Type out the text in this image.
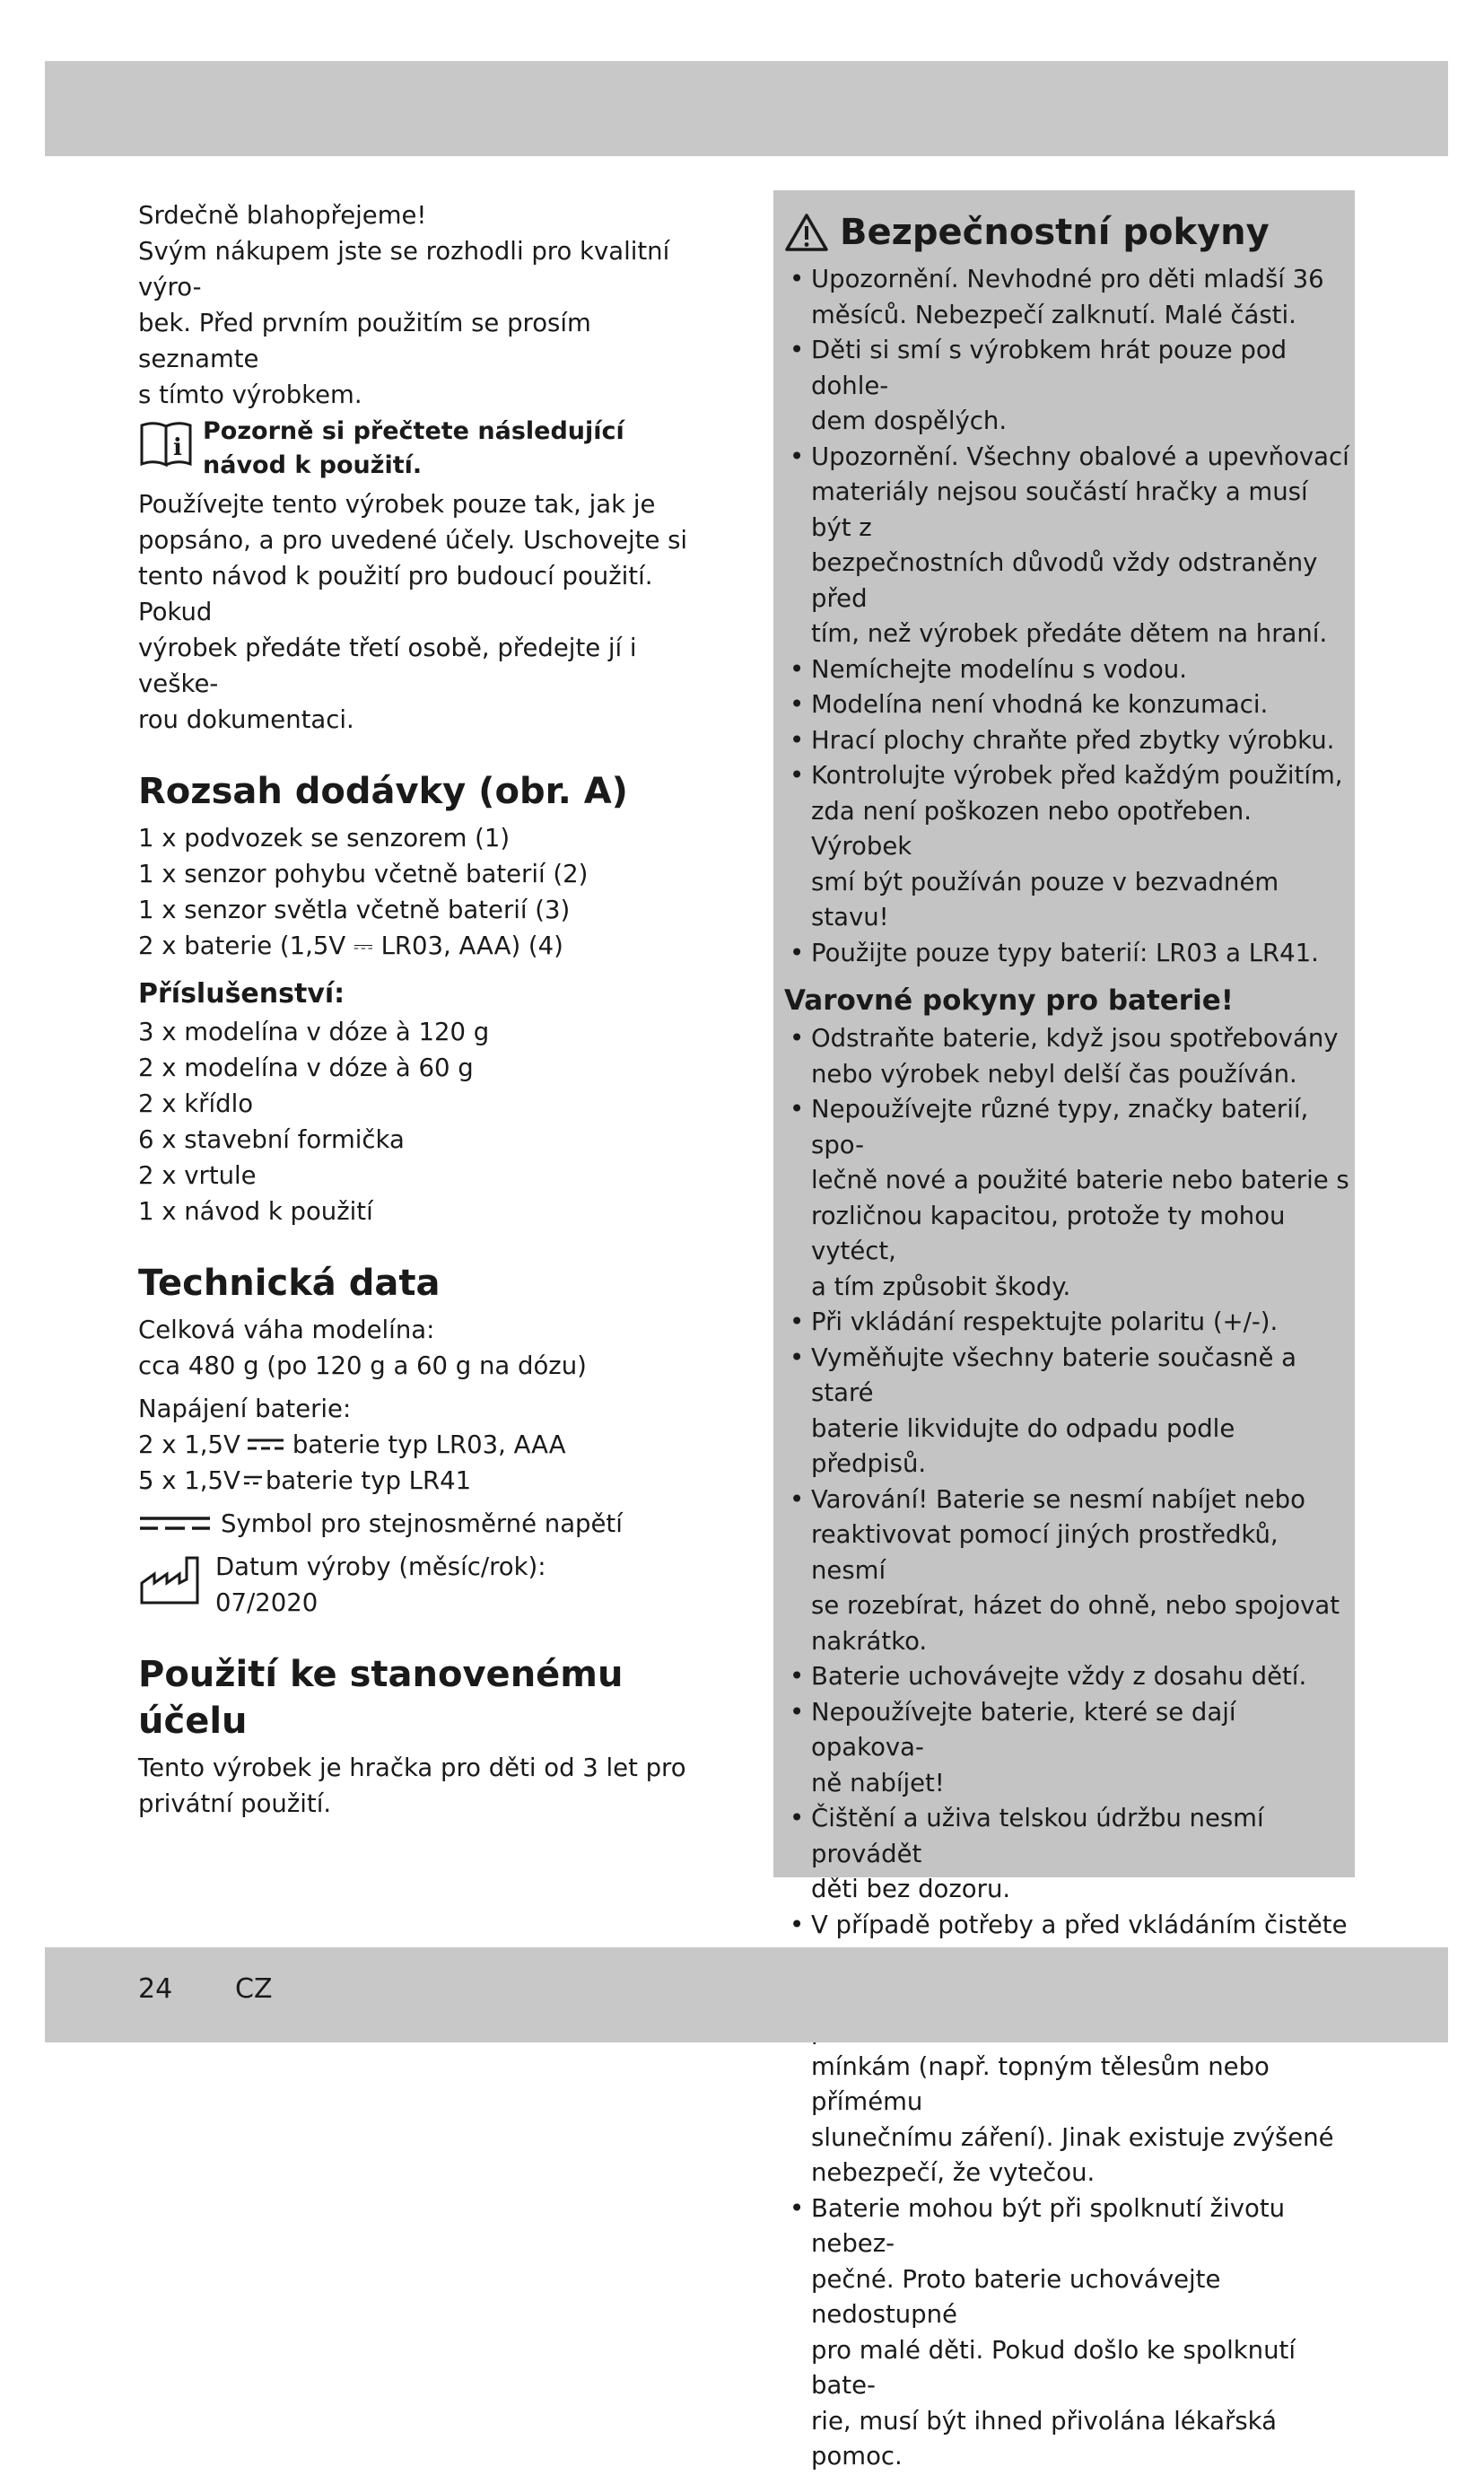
Srdečně blahopřejeme!

Svým nákupem jste se rozhodli pro kvalitní výro-

bek. Před prvním použitím se prosím seznamte

s tímto výrobkem.

i
Pozorně si přečtete následující
návod k použití.

Používejte tento výrobek pouze tak, jak je

popsáno, a pro uvedené účely. Uschovejte si

tento návod k použití pro budoucí použití. Pokud

výrobek předáte třetí osobě, předejte jí i veške-

rou dokumentaci.

Rozsah dodávky (obr. A)

1 x podvozek se senzorem (1)

1 x senzor pohybu včetně baterií (2)

1 x senzor světla včetně baterií (3)

2 x baterie (1,5V ⎓ LR03, AAA) (4)

Příslušenství:

3 x modelína v dóze à 120 g

2 x modelína v dóze à 60 g

2 x křídlo

6 x stavební formička

2 x vrtule

1 x návod k použití

Technická data

Celková váha modelína:

cca 480 g (po 120 g a 60 g na dózu)

Napájení baterie:

2 x 1,5V baterie typ LR03, AAA
5 x 1,5V baterie typ LR41
Symbol pro stejnosměrné napětí
Datum výroby (měsíc/rok):
07/2020
Použití ke stanovenému účelu

Tento výrobek je hračka pro děti od 3 let pro

privátní použití.

Bezpečnostní pokyny
• Upozornění. Nevhodné pro děti mladší 36
měsíců. Nebezpečí zalknutí. Malé části.
• Děti si smí s výrobkem hrát pouze pod dohle-
dem dospělých.
• Upozornění. Všechny obalové a upevňovací
materiály nejsou součástí hračky a musí být z
bezpečnostních důvodů vždy odstraněny před
tím, než výrobek předáte dětem na hraní.
• Nemíchejte modelínu s vodou.
• Modelína není vhodná ke konzumaci.
• Hrací plochy chraňte před zbytky výrobku.
• Kontrolujte výrobek před každým použitím,
zda není poškozen nebo opotřeben. Výrobek
smí být používán pouze v bezvadném stavu!
• Použijte pouze typy baterií: LR03 a LR41.
Varovné pokyny pro baterie!
• Odstraňte baterie, když jsou spotřebovány
nebo výrobek nebyl delší čas používán.
• Nepoužívejte různé typy, značky baterií, spo-
lečně nové a použité baterie nebo baterie s
rozličnou kapacitou, protože ty mohou vytéct,
a tím způsobit škody.
• Při vkládání respektujte polaritu (+/-).
• Vyměňujte všechny baterie současně a staré
baterie likvidujte do odpadu podle předpisů.
• Varování! Baterie se nesmí nabíjet nebo
reaktivovat pomocí jiných prostředků, nesmí
se rozebírat, házet do ohně, nebo spojovat
nakrátko.
• Baterie uchovávejte vždy z dosahu dětí.
• Nepoužívejte baterie, které se dají opakova-
ně nabíjet!
• Čištění a uživa telskou údržbu nesmí provádět
děti bez dozoru.
• V případě potřeby a před vkládáním čistěte

• mínkám (např. topným tělesům nebo přímému
slunečnímu záření). Jinak existuje zvýšené
nebezpečí, že vytečou.
• Baterie mohou být při spolknutí životu nebez-
pečné. Proto baterie uchovávejte nedostupné
pro malé děti. Pokud došlo ke spolknutí bate-
rie, musí být ihned přivolána lékařská pomoc.
24 CZ
